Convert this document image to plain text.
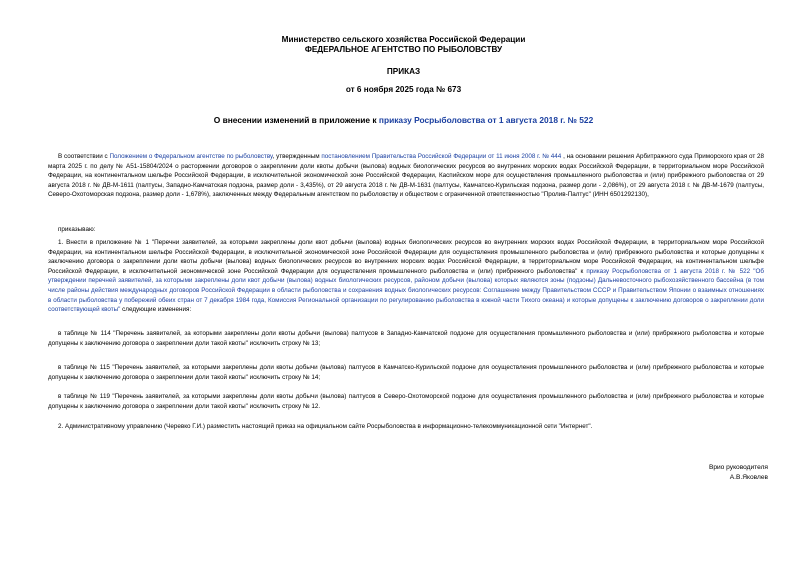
Министерство сельского хозяйства Российской Федерации
ФЕДЕРАЛЬНОЕ АГЕНТСТВО ПО РЫБОЛОВСТВУ
ПРИКАЗ
от 6 ноября 2025 года № 673
О внесении изменений в приложение к приказу Росрыболовства от 1 августа 2018 г. № 522

В соответствии с Положением о Федеральном агентстве по рыболовству, утвержденным постановлением Правительства Российской Федерации от 11 июня 2008 г. № 444 , на основании решения Арбитражного суда Приморского края от 28 марта 2025 г. по делу № А51-15804/2024 о расторжении договоров о закреплении доли квоты добычи (вылова) водных биологических ресурсов во внутренних морских водах Российской Федерации, в территориальном море Российской Федерации, на континентальном шельфе Российской Федерации, в исключительной экономической зоне Российской Федерации, Каспийском море для осуществления промышленного рыболовства и (или) прибрежного рыболовства от 29 августа 2018 г. № ДВ-М-1611 (палтусы, Западно-Камчатская подзона, размер доли - 3,435%), от 29 августа 2018 г. № ДВ-М-1631 (палтусы, Камчатско-Курильская подзона, размер доли - 2,086%), от 29 августа 2018 г. № ДВ-М-1679 (палтусы, Северо-Охотоморская подзона, размер доли - 1,678%), заключенных между Федеральным агентством по рыболовству и обществом с ограниченной ответственностью "Пролив-Палтус" (ИНН 6501292130),

приказываю:

1. Внести в приложение № 1 "Перечни заявителей, за которыми закреплены доли квот добычи (вылова) водных биологических ресурсов во внутренних морских водах Российской Федерации, в территориальном море Российской Федерации, на континентальном шельфе Российской Федерации, в исключительной экономической зоне Российской Федерации для осуществления промышленного рыболовства и (или) прибрежного рыболовства и которые допущены к заключению договора о закреплении доли квоты добычи (вылова) водных биологических ресурсов во внутренних морских водах Российской Федерации, в территориальном море Российской Федерации, на континентальном шельфе Российской Федерации, в исключительной экономической зоне Российской Федерации для осуществления промышленного рыболовства и (или) прибрежного рыболовства" к приказу Росрыболовства от 1 августа 2018 г. № 522 "Об утверждении перечней заявителей, за которыми закреплены доли квот добычи (вылова) водных биологических ресурсов, районом добычи (вылова) которых являются зоны (подзоны) Дальневосточного рыбохозяйственного бассейна (в том числе районы действия международных договоров Российской Федерации в области рыболовства и сохранения водных биологических ресурсов: Соглашение между Правительством СССР и Правительством Японии о взаимных отношениях в области рыболовства у побережий обеих стран от 7 декабря 1984 года, Комиссия Региональной организации по регулированию рыболовства в южной части Тихого океана) и которые допущены к заключению договоров о закреплении доли соответствующей квоты" следующие изменения:

в таблице № 114 "Перечень заявителей, за которыми закреплены доли квоты добычи (вылова) палтусов в Западно-Камчатской подзоне для осуществления промышленного рыболовства и (или) прибрежного рыболовства и которые допущены к заключению договора о закреплении доли такой квоты" исключить строку № 13;

в таблице № 115 "Перечень заявителей, за которыми закреплены доли квоты добычи (вылова) палтусов в Камчатско-Курильской подзоне для осуществления промышленного рыболовства и (или) прибрежного рыболовства и которые допущены к заключению договора о закреплении доли такой квоты" исключить строку № 14;

в таблице № 119 "Перечень заявителей, за которыми закреплены доли квоты добычи (вылова) палтусов в Северо-Охотоморской подзоне для осуществления промышленного рыболовства и (или) прибрежного рыболовства и которые допущены к заключению договора о закреплении доли такой квоты" исключить строку № 12.

2. Административному управлению (Черевко Г.И.) разместить настоящий приказ на официальном сайте Росрыболовства в информационно-телекоммуникационной сети "Интернет".

Врио руководителя
А.В.Яковлев
